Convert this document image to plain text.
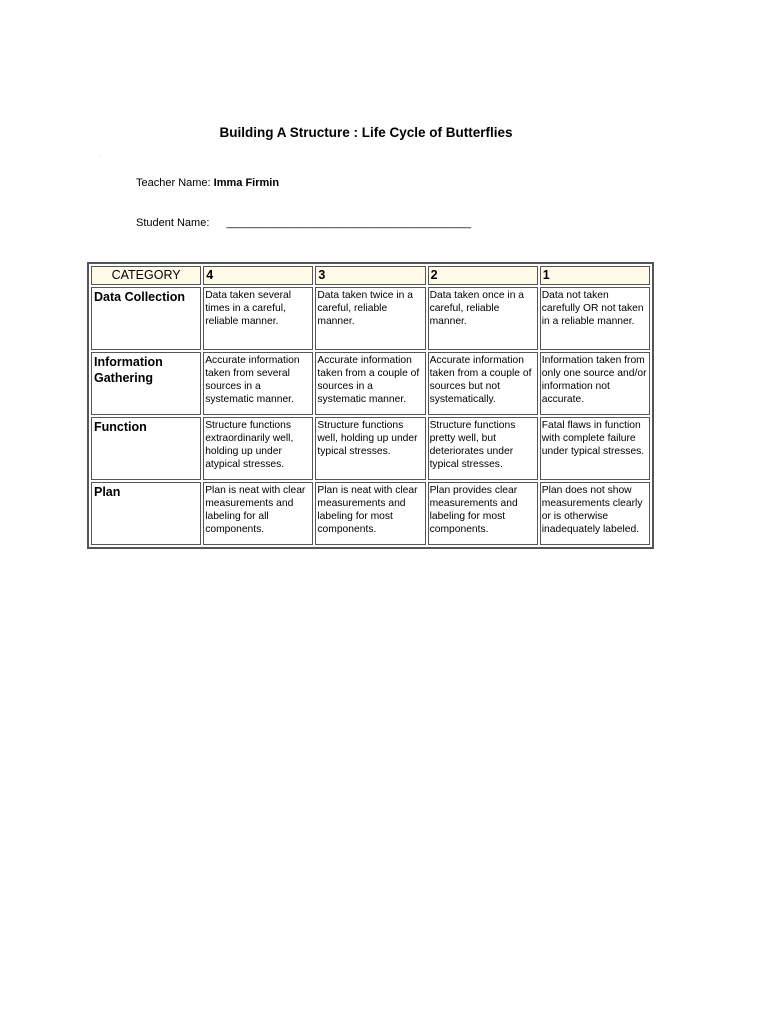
Building A Structure : Life Cycle of Butterflies
.
Teacher Name: Imma Firmin
Student Name: ________________________________________
CATEGORY	4	3	2	1
Data Collection	Data taken several times in a careful, reliable manner.	Data taken twice in a careful, reliable manner.	Data taken once in a careful, reliable manner.	Data not taken carefully OR not taken in a reliable manner.
Information Gathering	Accurate information taken from several sources in a systematic manner.	Accurate information taken from a couple of sources in a systematic manner.	Accurate information taken from a couple of sources but not systematically.	Information taken from only one source and/or information not accurate.
Function	Structure functions extraordinarily well, holding up under atypical stresses.	Structure functions well, holding up under typical stresses.	Structure functions pretty well, but deteriorates under typical stresses.	Fatal flaws in function with complete failure under typical stresses.
Plan	Plan is neat with clear measurements and labeling for all components.	Plan is neat with clear measurements and labeling for most components.	Plan provides clear measurements and labeling for most components.	Plan does not show measurements clearly or is otherwise inadequately labeled.
